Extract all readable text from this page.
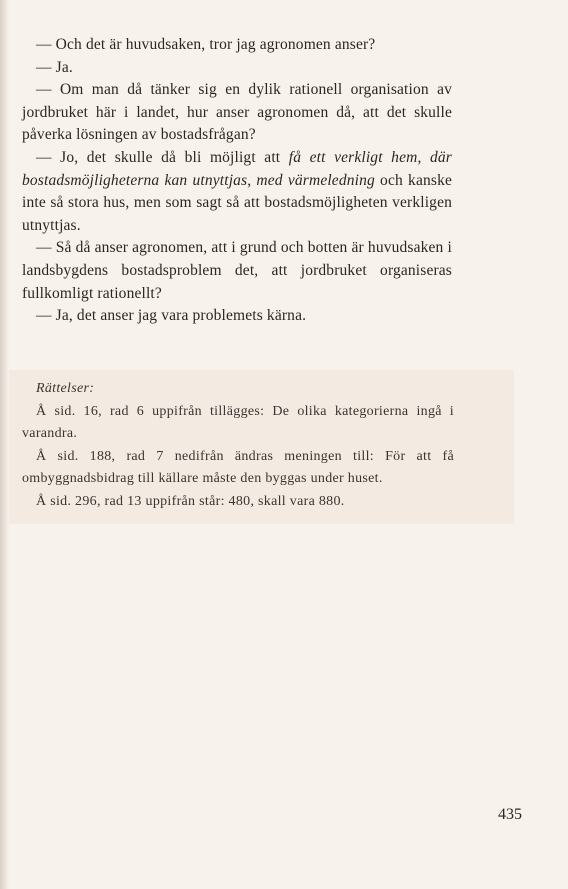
— Och det är huvudsaken, tror jag agronomen anser?

— Ja.

— Om man då tänker sig en dylik rationell organisation av jordbruket här i landet, hur anser agronomen då, att det skulle påverka lösningen av bostadsfrågan?

— Jo, det skulle då bli möjligt att få ett verkligt hem, där bostadsmöjligheterna kan utnyttjas, med värmeledning och kanske inte så stora hus, men som sagt så att bostadsmöjligheten verkligen utnyttjas.

— Så då anser agronomen, att i grund och botten är huvudsaken i landsbygdens bostadsproblem det, att jordbruket organiseras fullkomligt rationellt?

— Ja, det anser jag vara problemets kärna.

Rättelser:

Å sid. 16, rad 6 uppifrån tillägges: De olika kategorierna ingå i varandra.

Å sid. 188, rad 7 nedifrån ändras meningen till: För att få ombyggnadsbidrag till källare måste den byggas under huset.

Å sid. 296, rad 13 uppifrån står: 480, skall vara 880.

435
